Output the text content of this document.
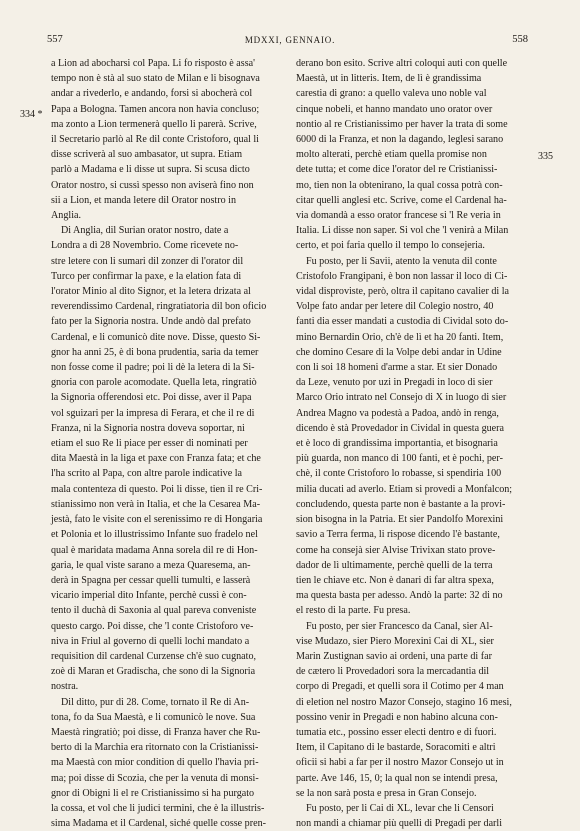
557	MDXXI, GENNAIO.	558
334 *
335

a Lion ad abocharsi col Papa. Li fo risposto è assa'

tempo non è stà al suo stato de Milan e li bisognava

andar a rivederlo, e andando, forsi si abocherà col

Papa a Bologna. Tamen ancora non havia concluso;

ma zonto a Lion termenerà quello li parerà. Scrive,

il Secretario parlò al Re dil conte Cristoforo, qual li

disse scriverà al suo ambasator, ut supra. Etiam

parlò a Madama e li disse ut supra. Si scusa dicto

Orator nostro, si cussì spesso non aviserà fino non

sii a Lion, et manda letere dil Orator nostro in

Anglia.

Di Anglia, dil Surian orator nostro, date a

Londra a dì 28 Novembrio. Come ricevete no-

stre letere con li sumari dil zonzer di l'orator dil

Turco per confirmar la paxe, e la elation fata di

l'orator Minio al dito Signor, et la letera drizata al

reverendissimo Cardenal, ringratiatoria dil bon oficio

fato per la Signoria nostra. Unde andò dal prefato

Cardenal, e li comunicò dite nove. Disse, questo Si-

gnor ha anni 25, è di bona prudentia, saria da temer

non fosse come il padre; poi li dè la letera di la Si-

gnoria con parole acomodate. Quella leta, ringratiò

la Signoria offerendosi etc. Poi disse, aver il Papa

vol sguizari per la impresa di Ferara, et che il re di

Franza, ni la Signoria nostra doveva soportar, ni

etiam el suo Re li piace per esser di nominati per

dita Maestà in la liga et paxe con Franza fata; et che

l'ha scrito al Papa, con altre parole indicative la

mala contenteza di questo. Poi li disse, tien il re Cri-

stianissimo non verà in Italia, et che la Cesarea Ma-

jestà, fato le visite con el serenissimo re di Hongaria

et Polonia et lo illustrissimo Infante suo fradelo nel

qual è maridata madama Anna sorela dil re di Hon-

garia, le qual viste sarano a meza Quaresema, an-

derà in Spagna per cessar quelli tumulti, e lasserà

vicario imperial dito Infante, perchè cussì è con-

tento il duchà di Saxonia al qual pareva conveniste

questo cargo. Poi disse, che 'l conte Cristoforo ve-

niva in Friul al governo di quelli lochi mandato a

requisition dil cardenal Curzense ch'è suo cugnato,

zoè di Maran et Gradischa, che sono di la Signoria

nostra.

Dil ditto, pur di 28. Come, tornato il Re di An-

tona, fo da Sua Maestà, e li comunicò le nove. Sua

Maestà ringratiò; poi disse, di Franza haver che Ru-

berto di la Marchia era ritornato con la Cristianissi-

ma Maestà con mior condition di quello l'havia pri-

ma; poi disse di Scozia, che per la venuta di monsi-

gnor di Obigni li el re Cristianissimo si ha purgato

la cossa, et vol che li judici termini, che è la illustris-

sima Madama et il Cardenal, siché quelle cosse pren-

derano bon esito. Scrive altri coloqui auti con quelle

Maestà, ut in litteris. Item, de lì è grandissima

carestia di grano: a quello valeva uno noble val

cinque nobeli, et hanno mandato uno orator over

nontio al re Cristianissimo per haver la trata di some

6000 di la Franza, et non la dagando, leglesi sarano

molto alterati, perchè etiam quella promise non

dete tutta; et come dice l'orator del re Cristianissi-

mo, tien non la obtenirano, la qual cossa potrà con-

citar quelli anglesi etc. Scrive, come el Cardenal ha-

via domandà a esso orator francese si 'l Re veria in

Italia. Li disse non saper. Si vol che 'l venirà a Milan

certo, et poi faria quello il tempo lo consejeria.

Fu posto, per li Savii, atento la venuta dil conte

Cristofolo Frangipani, è bon non lassar il loco di Ci-

vidal disproviste, però, oltra il capitano cavalier di la

Volpe fato andar per letere dil Colegio nostro, 40

fanti dia esser mandati a custodia di Cividal soto do-

mino Bernardin Orio, ch'è de lì et ha 20 fanti. Item,

che domino Cesare di la Volpe debi andar in Udine

con li soi 18 homeni d'arme a star. Et sier Donado

da Leze, venuto por uzi in Pregadi in loco di sier

Marco Orio intrato nel Consejo di X in luogo di sier

Andrea Magno va podestà a Padoa, andò in renga,

dicendo è stà Provedador in Cividal in questa guera

et è loco di grandissima importantia, et bisognaria

più guarda, non manco di 100 fanti, et è pochi, per-

chè, il conte Cristoforo lo robasse, si spendiria 100

milia ducati ad averlo. Etiam si provedi a Monfalcon;

concludendo, questa parte non è bastante a la provi-

sion bisogna in la Patria. Et sier Pandolfo Morexini

savio a Terra ferma, li rispose dicendo l'è bastante,

come ha consejà sier Alvise Trivixan stato prove-

dador de lì ultimamente, perchè quelli de la terra

tien le chiave etc. Non è danari di far altra spexa,

ma questa basta per adesso. Andò la parte: 32 di no

el resto di la parte. Fu presa.

Fu posto, per sier Francesco da Canal, sier Al-

vise Mudazo, sier Piero Morexini Cai di XL, sier

Marin Zustignan savio ai ordeni, una parte di far

de cætero li Provedadori sora la mercadantia dil

corpo di Pregadi, et quelli sora il Cotimo per 4 man

di eletion nel nostro Mazor Consejo, stagino 16 mesi,

possino venir in Pregadi e non habino alcuna con-

tumatia etc., possino esser electi dentro e di fuori.

Item, il Capitano di le bastarde, Soracomiti e altri

oficii si habi a far per il nostro Mazor Consejo ut in

parte. Ave 146, 15, 0; la qual non se intendi presa,

se la non sarà posta e presa in Gran Consejo.

Fu posto, per li Cai di XL, levar che li Censori

non mandi a chiamar più quelli di Pregadi per darli
